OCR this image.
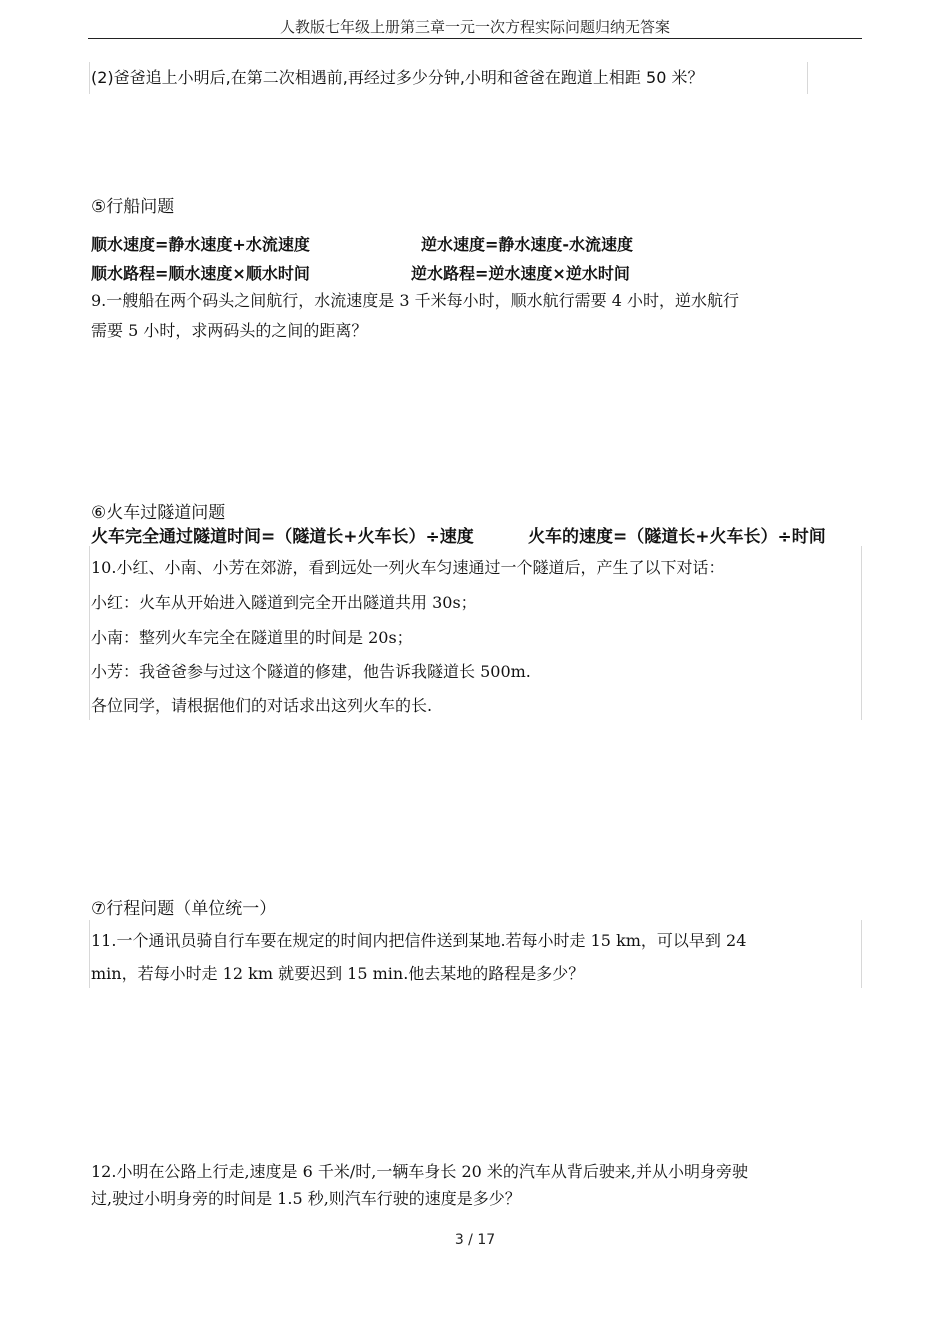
人教版七年级上册第三章一元一次方程实际问题归纳无答案
(2)爸爸追上小明后,在第二次相遇前,再经过多少分钟,小明和爸爸在跑道上相距 50 米？
⑤行船问题
顺水速度=静水速度+水流速度	逆水速度=静水速度-水流速度
顺水路程=顺水速度×顺水时间	逆水路程=逆水速度×逆水时间
9.一艘船在两个码头之间航行，水流速度是 3 千米每小时，顺水航行需要 4 小时，逆水航行
需要 5 小时，求两码头的之间的距离？
⑥火车过隧道问题
火车完全通过隧道时间=（隧道长+火车长）÷速度	火车的速度=（隧道长+火车长）÷时间
10.小红、小南、小芳在郊游，看到远处一列火车匀速通过一个隧道后，产生了以下对话：
小红：火车从开始进入隧道到完全开出隧道共用 30s；
小南：整列火车完全在隧道里的时间是 20s；
小芳：我爸爸参与过这个隧道的修建，他告诉我隧道长 500m.
各位同学，请根据他们的对话求出这列火车的长.
⑦行程问题（单位统一）
11.一个通讯员骑自行车要在规定的时间内把信件送到某地.若每小时走 15 km，可以早到 24
min，若每小时走 12 km 就要迟到 15 min.他去某地的路程是多少？
12.小明在公路上行走,速度是 6 千米/时,一辆车身长 20 米的汽车从背后驶来,并从小明身旁驶
过,驶过小明身旁的时间是 1.5 秒,则汽车行驶的速度是多少？
3 / 17
